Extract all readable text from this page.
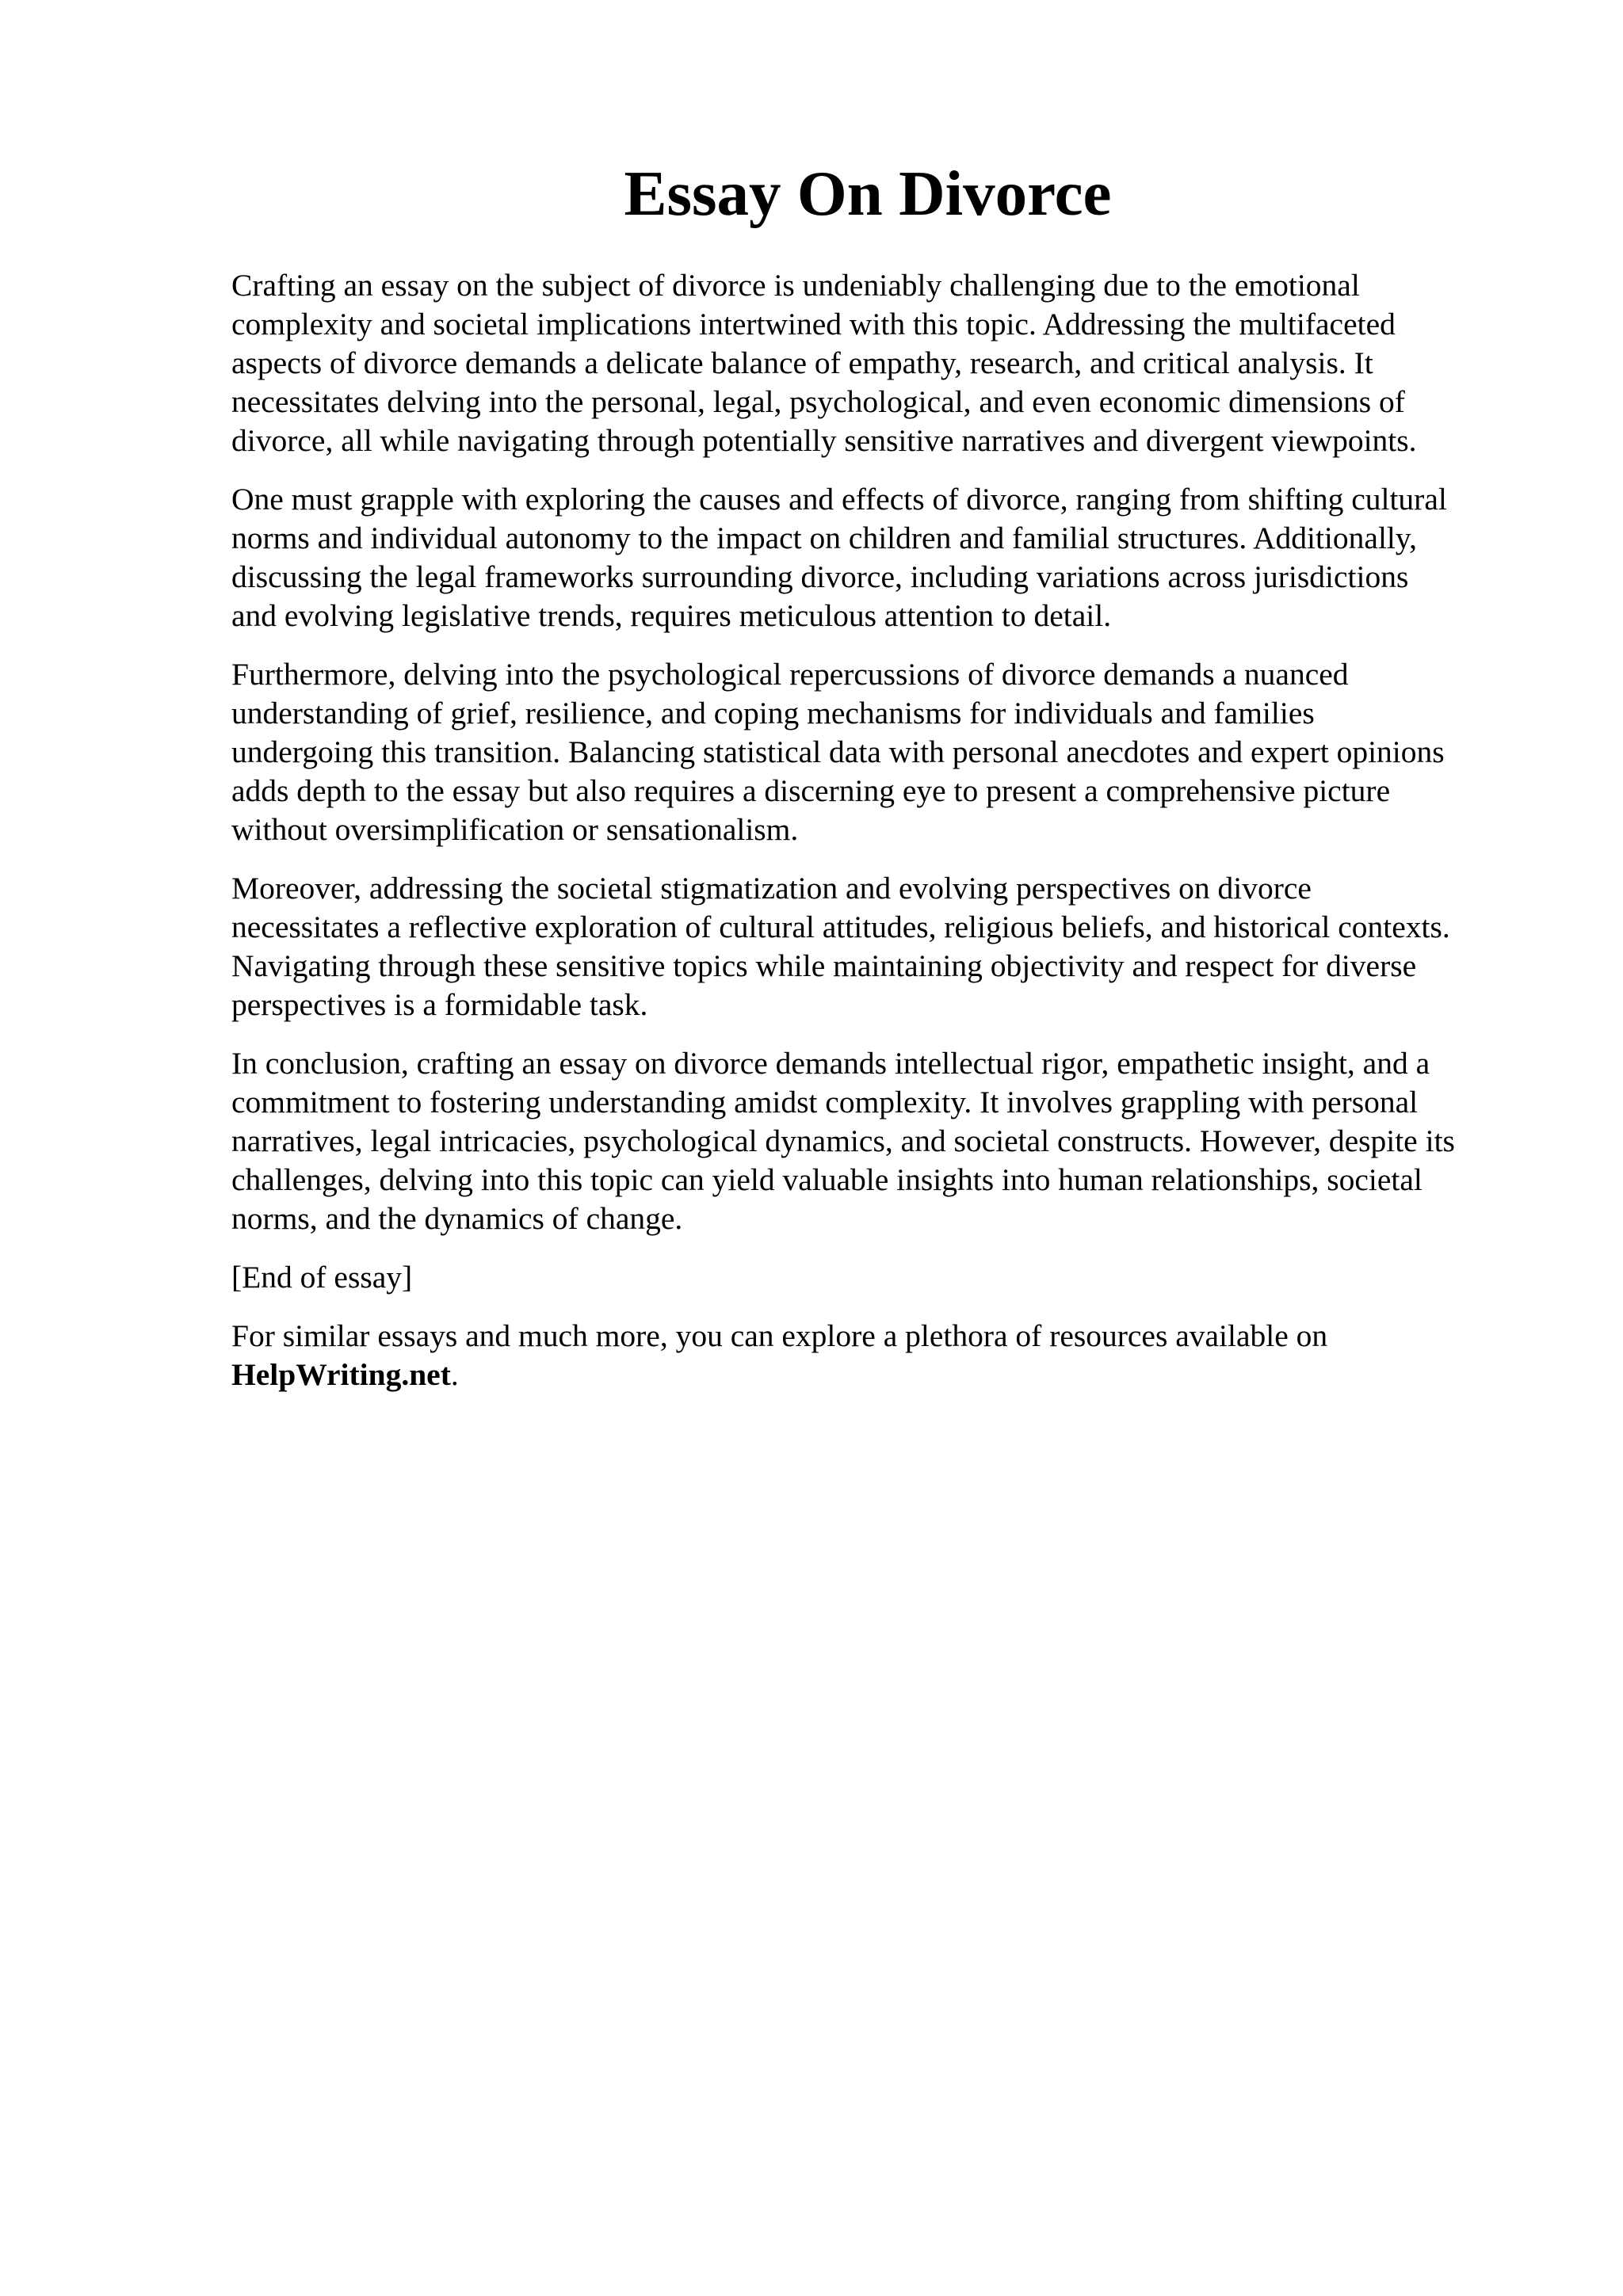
Essay On Divorce

Crafting an essay on the subject of divorce is undeniably challenging due to the emotional
complexity and societal implications intertwined with this topic. Addressing the multifaceted
aspects of divorce demands a delicate balance of empathy, research, and critical analysis. It
necessitates delving into the personal, legal, psychological, and even economic dimensions of
divorce, all while navigating through potentially sensitive narratives and divergent viewpoints.

One must grapple with exploring the causes and effects of divorce, ranging from shifting cultural
norms and individual autonomy to the impact on children and familial structures. Additionally,
discussing the legal frameworks surrounding divorce, including variations across jurisdictions
and evolving legislative trends, requires meticulous attention to detail.

Furthermore, delving into the psychological repercussions of divorce demands a nuanced
understanding of grief, resilience, and coping mechanisms for individuals and families
undergoing this transition. Balancing statistical data with personal anecdotes and expert opinions
adds depth to the essay but also requires a discerning eye to present a comprehensive picture
without oversimplification or sensationalism.

Moreover, addressing the societal stigmatization and evolving perspectives on divorce
necessitates a reflective exploration of cultural attitudes, religious beliefs, and historical contexts.
Navigating through these sensitive topics while maintaining objectivity and respect for diverse
perspectives is a formidable task.

In conclusion, crafting an essay on divorce demands intellectual rigor, empathetic insight, and a
commitment to fostering understanding amidst complexity. It involves grappling with personal
narratives, legal intricacies, psychological dynamics, and societal constructs. However, despite its
challenges, delving into this topic can yield valuable insights into human relationships, societal
norms, and the dynamics of change.

[End of essay]

For similar essays and much more, you can explore a plethora of resources available on
HelpWriting.net.
